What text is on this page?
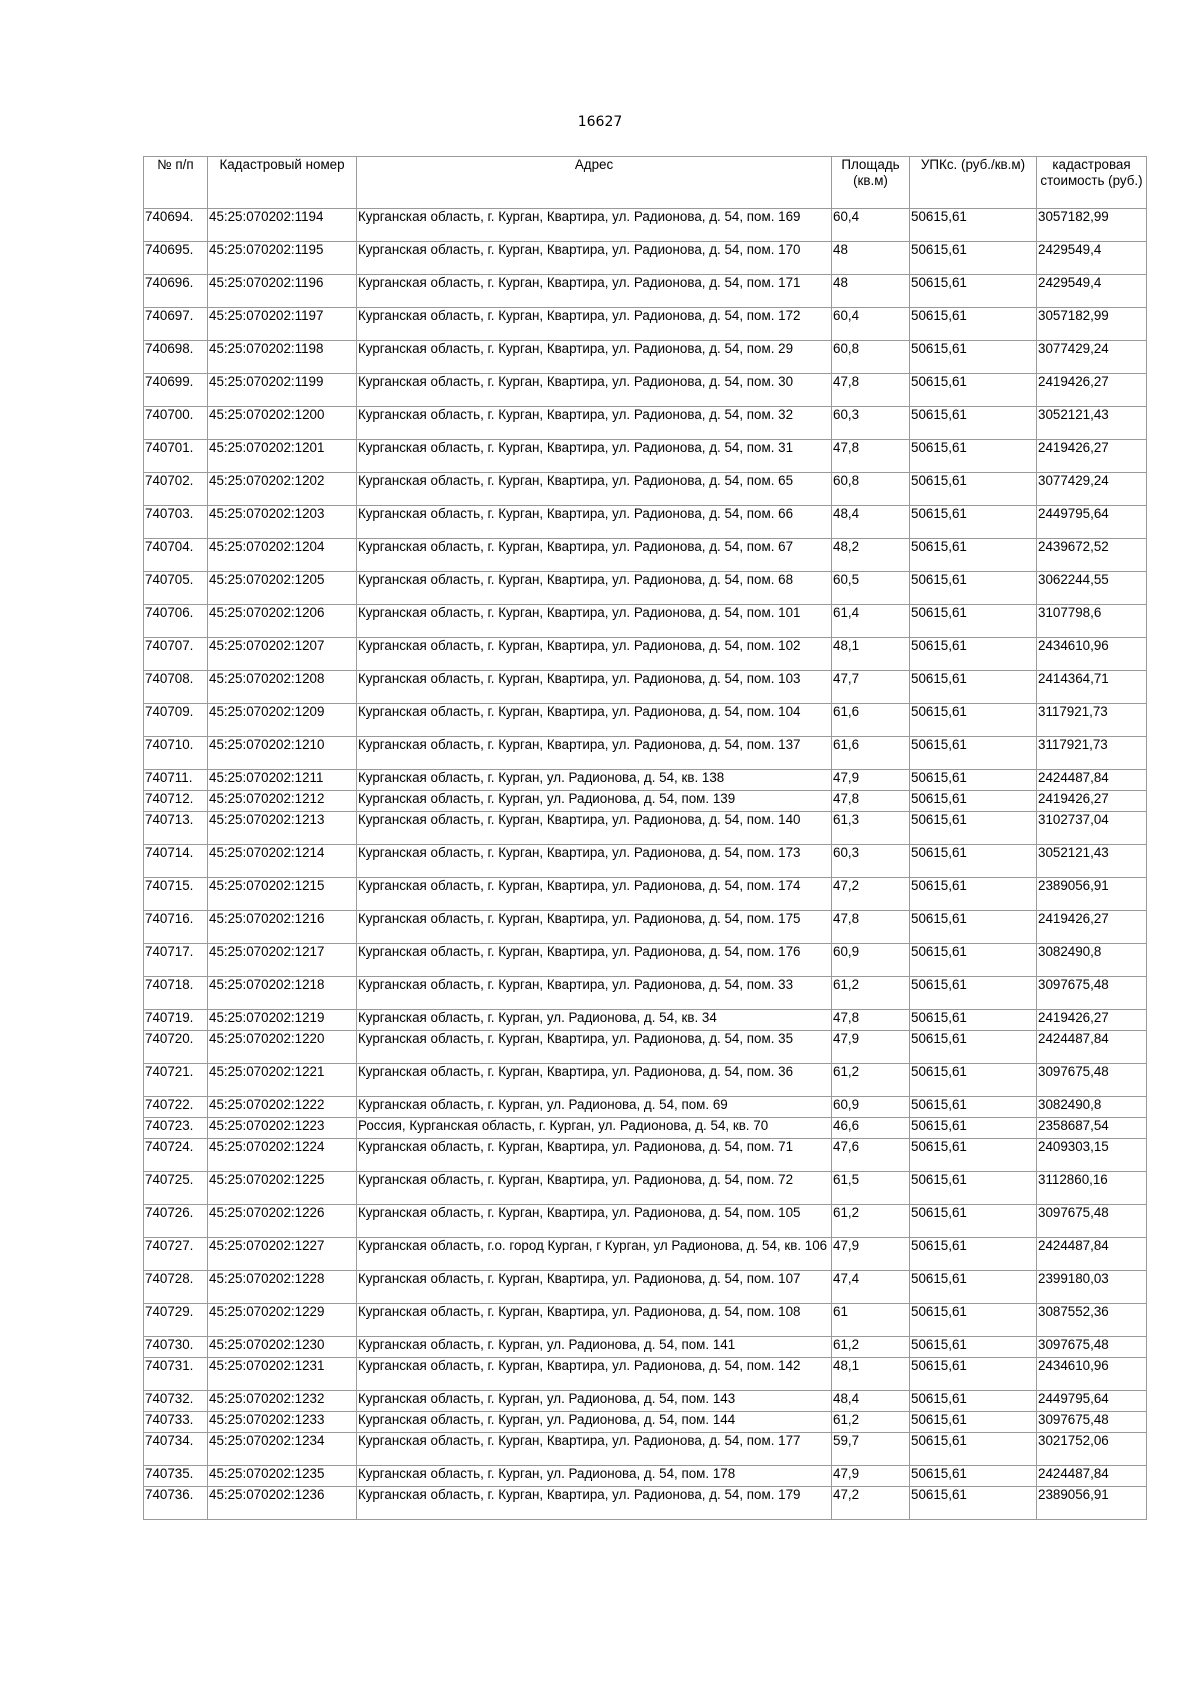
16627
№ п/п	Кадастровый номер	Адрес	Площадь (кв.м)	УПКс. (руб./кв.м)	кадастровая стоимость (руб.)
740694.	45:25:070202:1194	Курганская область, г. Курган, Квартира, ул. Радионова, д. 54, пом. 169	60,4	50615,61	3057182,99
740695.	45:25:070202:1195	Курганская область, г. Курган, Квартира, ул. Радионова, д. 54, пом. 170	48	50615,61	2429549,4
740696.	45:25:070202:1196	Курганская область, г. Курган, Квартира, ул. Радионова, д. 54, пом. 171	48	50615,61	2429549,4
740697.	45:25:070202:1197	Курганская область, г. Курган, Квартира, ул. Радионова, д. 54, пом. 172	60,4	50615,61	3057182,99
740698.	45:25:070202:1198	Курганская область, г. Курган, Квартира, ул. Радионова, д. 54, пом. 29	60,8	50615,61	3077429,24
740699.	45:25:070202:1199	Курганская область, г. Курган, Квартира, ул. Радионова, д. 54, пом. 30	47,8	50615,61	2419426,27
740700.	45:25:070202:1200	Курганская область, г. Курган, Квартира, ул. Радионова, д. 54, пом. 32	60,3	50615,61	3052121,43
740701.	45:25:070202:1201	Курганская область, г. Курган, Квартира, ул. Радионова, д. 54, пом. 31	47,8	50615,61	2419426,27
740702.	45:25:070202:1202	Курганская область, г. Курган, Квартира, ул. Радионова, д. 54, пом. 65	60,8	50615,61	3077429,24
740703.	45:25:070202:1203	Курганская область, г. Курган, Квартира, ул. Радионова, д. 54, пом. 66	48,4	50615,61	2449795,64
740704.	45:25:070202:1204	Курганская область, г. Курган, Квартира, ул. Радионова, д. 54, пом. 67	48,2	50615,61	2439672,52
740705.	45:25:070202:1205	Курганская область, г. Курган, Квартира, ул. Радионова, д. 54, пом. 68	60,5	50615,61	3062244,55
740706.	45:25:070202:1206	Курганская область, г. Курган, Квартира, ул. Радионова, д. 54, пом. 101	61,4	50615,61	3107798,6
740707.	45:25:070202:1207	Курганская область, г. Курган, Квартира, ул. Радионова, д. 54, пом. 102	48,1	50615,61	2434610,96
740708.	45:25:070202:1208	Курганская область, г. Курган, Квартира, ул. Радионова, д. 54, пом. 103	47,7	50615,61	2414364,71
740709.	45:25:070202:1209	Курганская область, г. Курган, Квартира, ул. Радионова, д. 54, пом. 104	61,6	50615,61	3117921,73
740710.	45:25:070202:1210	Курганская область, г. Курган, Квартира, ул. Радионова, д. 54, пом. 137	61,6	50615,61	3117921,73
740711.	45:25:070202:1211	Курганская область, г. Курган, ул. Радионова, д. 54, кв. 138	47,9	50615,61	2424487,84
740712.	45:25:070202:1212	Курганская область, г. Курган, ул. Радионова, д. 54, пом. 139	47,8	50615,61	2419426,27
740713.	45:25:070202:1213	Курганская область, г. Курган, Квартира, ул. Радионова, д. 54, пом. 140	61,3	50615,61	3102737,04
740714.	45:25:070202:1214	Курганская область, г. Курган, Квартира, ул. Радионова, д. 54, пом. 173	60,3	50615,61	3052121,43
740715.	45:25:070202:1215	Курганская область, г. Курган, Квартира, ул. Радионова, д. 54, пом. 174	47,2	50615,61	2389056,91
740716.	45:25:070202:1216	Курганская область, г. Курган, Квартира, ул. Радионова, д. 54, пом. 175	47,8	50615,61	2419426,27
740717.	45:25:070202:1217	Курганская область, г. Курган, Квартира, ул. Радионова, д. 54, пом. 176	60,9	50615,61	3082490,8
740718.	45:25:070202:1218	Курганская область, г. Курган, Квартира, ул. Радионова, д. 54, пом. 33	61,2	50615,61	3097675,48
740719.	45:25:070202:1219	Курганская область, г. Курган, ул. Радионова, д. 54, кв. 34	47,8	50615,61	2419426,27
740720.	45:25:070202:1220	Курганская область, г. Курган, Квартира, ул. Радионова, д. 54, пом. 35	47,9	50615,61	2424487,84
740721.	45:25:070202:1221	Курганская область, г. Курган, Квартира, ул. Радионова, д. 54, пом. 36	61,2	50615,61	3097675,48
740722.	45:25:070202:1222	Курганская область, г. Курган, ул. Радионова, д. 54, пом. 69	60,9	50615,61	3082490,8
740723.	45:25:070202:1223	Россия, Курганская область, г. Курган, ул. Радионова, д. 54, кв. 70	46,6	50615,61	2358687,54
740724.	45:25:070202:1224	Курганская область, г. Курган, Квартира, ул. Радионова, д. 54, пом. 71	47,6	50615,61	2409303,15
740725.	45:25:070202:1225	Курганская область, г. Курган, Квартира, ул. Радионова, д. 54, пом. 72	61,5	50615,61	3112860,16
740726.	45:25:070202:1226	Курганская область, г. Курган, Квартира, ул. Радионова, д. 54, пом. 105	61,2	50615,61	3097675,48
740727.	45:25:070202:1227	Курганская область, г.о. город Курган, г Курган, ул Радионова, д. 54, кв. 106	47,9	50615,61	2424487,84
740728.	45:25:070202:1228	Курганская область, г. Курган, Квартира, ул. Радионова, д. 54, пом. 107	47,4	50615,61	2399180,03
740729.	45:25:070202:1229	Курганская область, г. Курган, Квартира, ул. Радионова, д. 54, пом. 108	61	50615,61	3087552,36
740730.	45:25:070202:1230	Курганская область, г. Курган, ул. Радионова, д. 54, пом. 141	61,2	50615,61	3097675,48
740731.	45:25:070202:1231	Курганская область, г. Курган, Квартира, ул. Радионова, д. 54, пом. 142	48,1	50615,61	2434610,96
740732.	45:25:070202:1232	Курганская область, г. Курган, ул. Радионова, д. 54, пом. 143	48,4	50615,61	2449795,64
740733.	45:25:070202:1233	Курганская область, г. Курган, ул. Радионова, д. 54, пом. 144	61,2	50615,61	3097675,48
740734.	45:25:070202:1234	Курганская область, г. Курган, Квартира, ул. Радионова, д. 54, пом. 177	59,7	50615,61	3021752,06
740735.	45:25:070202:1235	Курганская область, г. Курган, ул. Радионова, д. 54, пом. 178	47,9	50615,61	2424487,84
740736.	45:25:070202:1236	Курганская область, г. Курган, Квартира, ул. Радионова, д. 54, пом. 179	47,2	50615,61	2389056,91
